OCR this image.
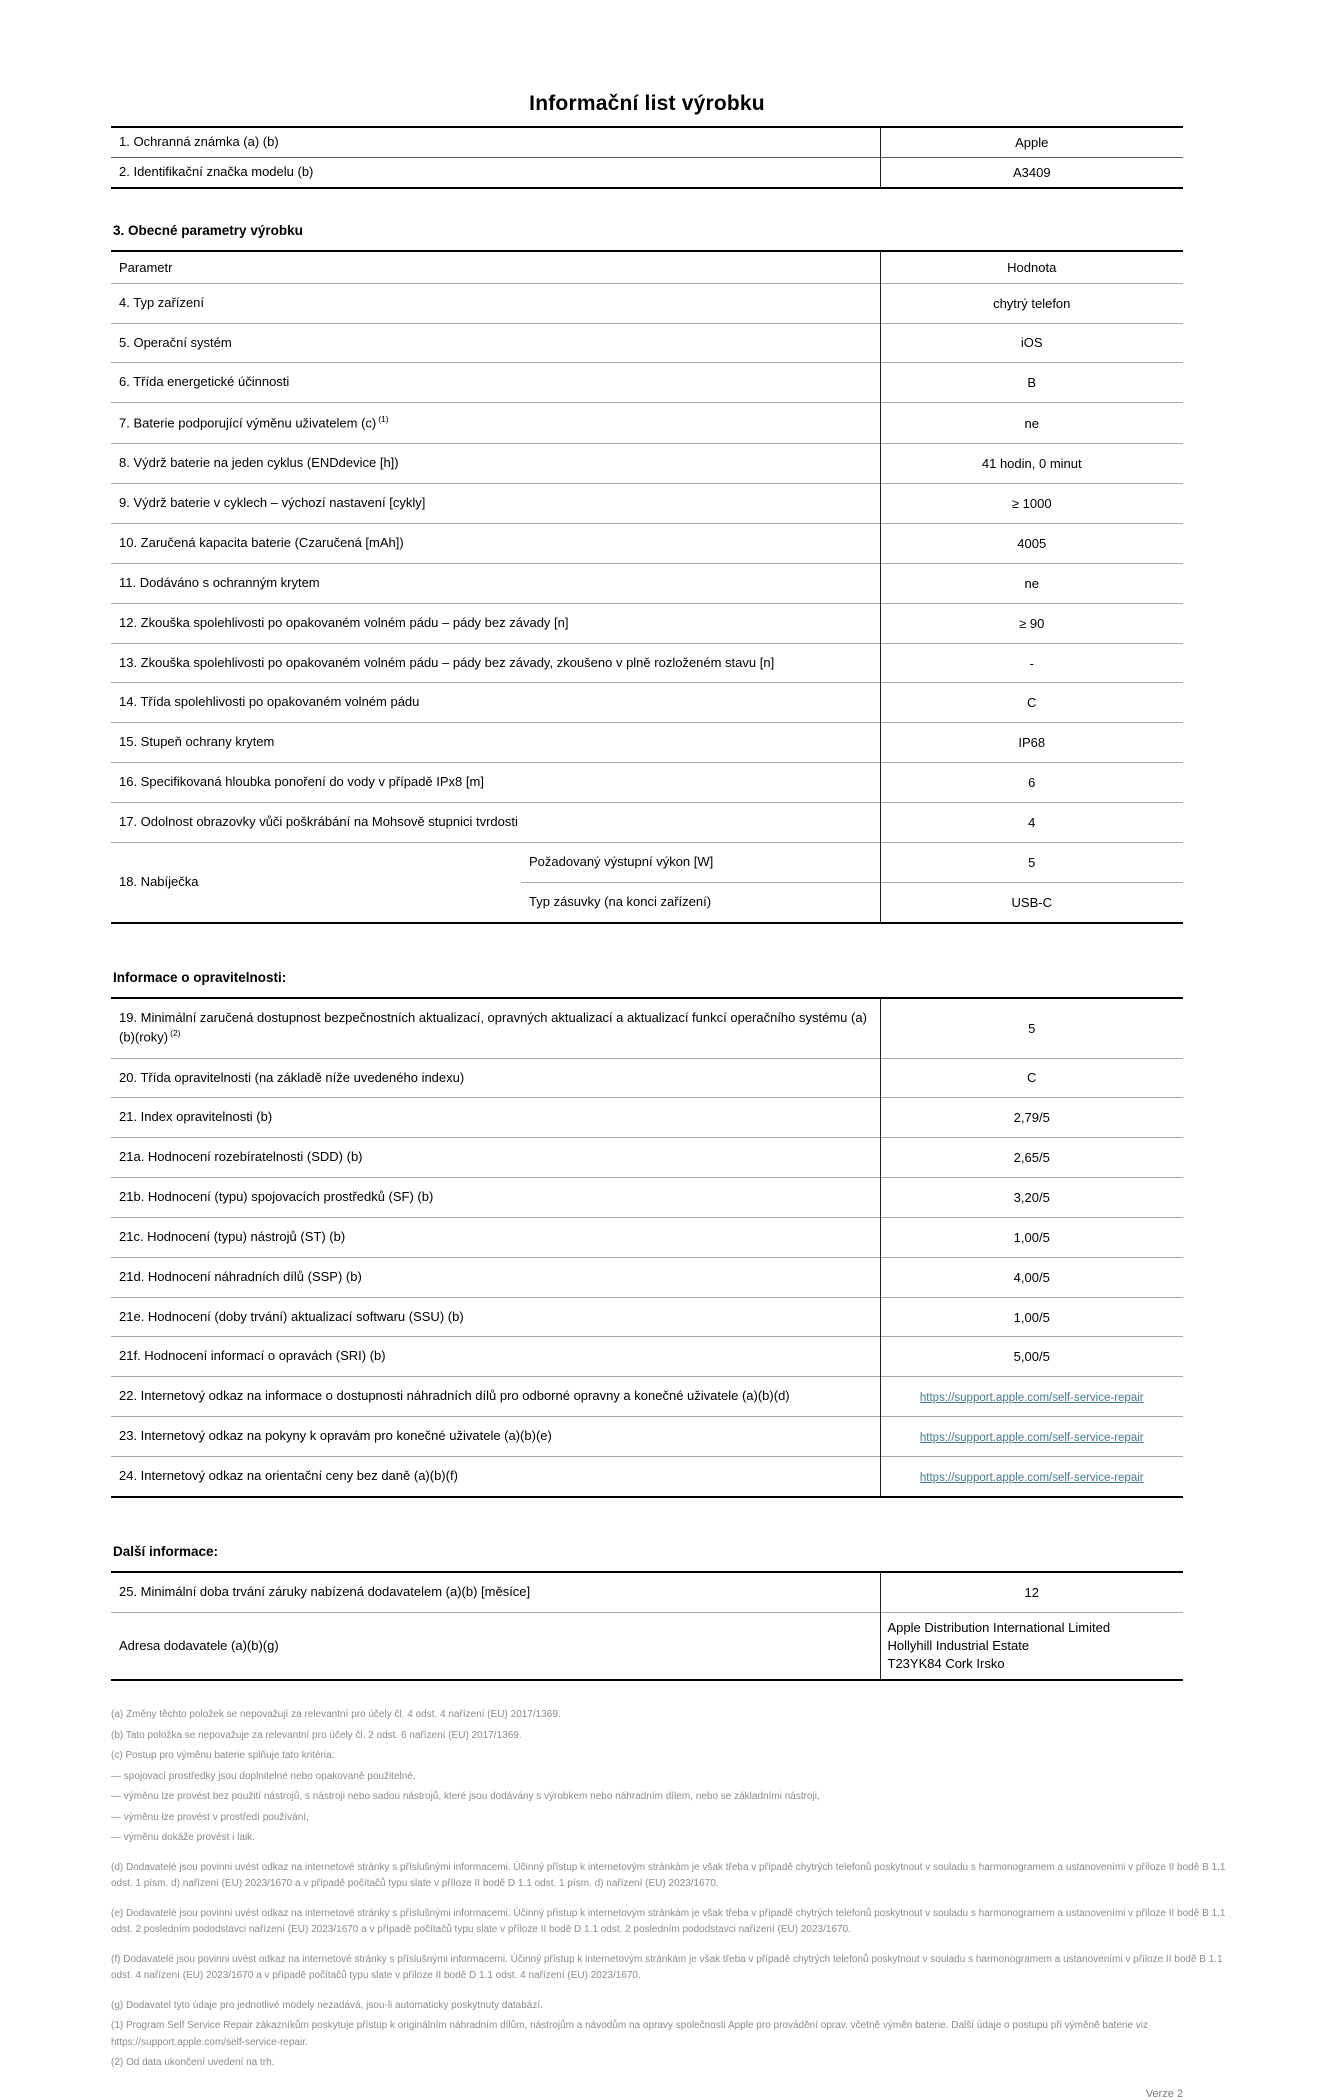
Informační list výrobku
1. Ochranná známka (a) (b)	Apple
2. Identifikační značka modelu (b)	A3409
3. Obecné parametry výrobku
Parametr		Hodnota
4. Typ zařízení		chytrý telefon
5. Operační systém		iOS
6. Třída energetické účinnosti		B
7. Baterie podporující výměnu uživatelem (c) $^{(1)}$		ne
8. Výdrž baterie na jeden cyklus (ENDdevice [h])		41 hodin, 0 minut
9. Výdrž baterie v cyklech – výchozí nastavení [cykly]		≥ 1000
10. Zaručená kapacita baterie (Czaručená [mAh])		4005
11. Dodáváno s ochranným krytem		ne
12. Zkouška spolehlivosti po opakovaném volném pádu – pády bez závady [n]		≥ 90
13. Zkouška spolehlivosti po opakovaném volném pádu – pády bez závady, zkoušeno v plně rozloženém stavu [n]		-
14. Třída spolehlivosti po opakovaném volném pádu		C
15. Stupeň ochrany krytem		IP68
16. Specifikovaná hloubka ponoření do vody v případě IPx8 [m]		6
17. Odolnost obrazovky vůči poškrábání na Mohsově stupnici tvrdosti		4
18. Nabíječka	Požadovaný výstupní výkon [W]	5
	Typ zásuvky (na konci zařízení)	USB-C
Informace o opravitelnosti:
19. Minimální zaručená dostupnost bezpečnostních aktualizací, opravných aktualizací a aktualizací funkcí operačního systému (a)(b)(roky) $^{(2)}$	5
20. Třída opravitelnosti (na základě níže uvedeného indexu)	C
21. Index opravitelnosti (b)	2,79/5
21a. Hodnocení rozebíratelnosti (SDD) (b)	2,65/5
21b. Hodnocení (typu) spojovacích prostředků (SF) (b)	3,20/5
21c. Hodnocení (typu) nástrojů (ST) (b)	1,00/5
21d. Hodnocení náhradních dílů (SSP) (b)	4,00/5
21e. Hodnocení (doby trvání) aktualizací softwaru (SSU) (b)	1,00/5
21f. Hodnocení informací o opravách (SRI) (b)	5,00/5
22. Internetový odkaz na informace o dostupnosti náhradních dílů pro odborné opravny a konečné uživatele (a)(b)(d)	https://support.apple.com/self-service-repair
23. Internetový odkaz na pokyny k opravám pro konečné uživatele (a)(b)(e)	https://support.apple.com/self-service-repair
24. Internetový odkaz na orientační ceny bez daně (a)(b)(f)	https://support.apple.com/self-service-repair
Další informace:
25. Minimální doba trvání záruky nabízená dodavatelem (a)(b) [měsíce]	12
Adresa dodavatele (a)(b)(g)	Apple Distribution International Limited
Hollyhill Industrial Estate
T23YK84 Cork Irsko

(a) Změny těchto položek se nepovažují za relevantní pro účely čl. 4 odst. 4 nařízení (EU) 2017/1369.

(b) Tato položka se nepovažuje za relevantní pro účely čl. 2 odst. 6 nařízení (EU) 2017/1369.

(c) Postup pro výměnu baterie splňuje tato kritéria:

— spojovací prostředky jsou doplnitelné nebo opakovaně použitelné,

— výměnu lze provést bez použití nástrojů, s nástroji nebo sadou nástrojů, které jsou dodávány s výrobkem nebo náhradním dílem, nebo se základními nástroji,

— výměnu lze provést v prostředí používání,

— výměnu dokáže provést i laik.

(d) Dodavatelé jsou povinni uvést odkaz na internetové stránky s příslušnými informacemi. Účinný přístup k internetovým stránkám je však třeba v případě chytrých telefonů poskytnout v souladu s harmonogramem a ustanoveními v příloze II bodě B 1.1 odst. 1 písm. d) nařízení (EU) 2023/1670 a v případě počítačů typu slate v příloze II bodě D 1.1 odst. 1 písm. d) nařízení (EU) 2023/1670.

(e) Dodavatelé jsou povinni uvést odkaz na internetové stránky s příslušnými informacemi. Účinný přístup k internetovým stránkám je však třeba v případě chytrých telefonů poskytnout v souladu s harmonogramem a ustanoveními v příloze II bodě B 1.1 odst. 2 posledním pododstavci nařízení (EU) 2023/1670 a v případě počítačů typu slate v příloze II bodě D 1.1 odst. 2 posledním pododstavci nařízení (EU) 2023/1670.

(f) Dodavatelé jsou povinni uvést odkaz na internetové stránky s příslušnými informacemi. Účinný přístup k internetovým stránkám je však třeba v případě chytrých telefonů poskytnout v souladu s harmonogramem a ustanoveními v příloze II bodě B 1.1 odst. 4 nařízení (EU) 2023/1670 a v případě počítačů typu slate v příloze II bodě D 1.1 odst. 4 nařízení (EU) 2023/1670.

(g) Dodavatel tyto údaje pro jednotlivé modely nezadává, jsou-li automaticky poskytnuty databází.

(1) Program Self Service Repair zákazníkům poskytuje přístup k originálním náhradním dílům, nástrojům a návodům na opravy společnosti Apple pro provádění oprav, včetně výměn baterie. Další údaje o postupu při výměně baterie viz https://support.apple.com/self-service-repair.

(2) Od data ukončení uvedení na trh.

Verze 2
